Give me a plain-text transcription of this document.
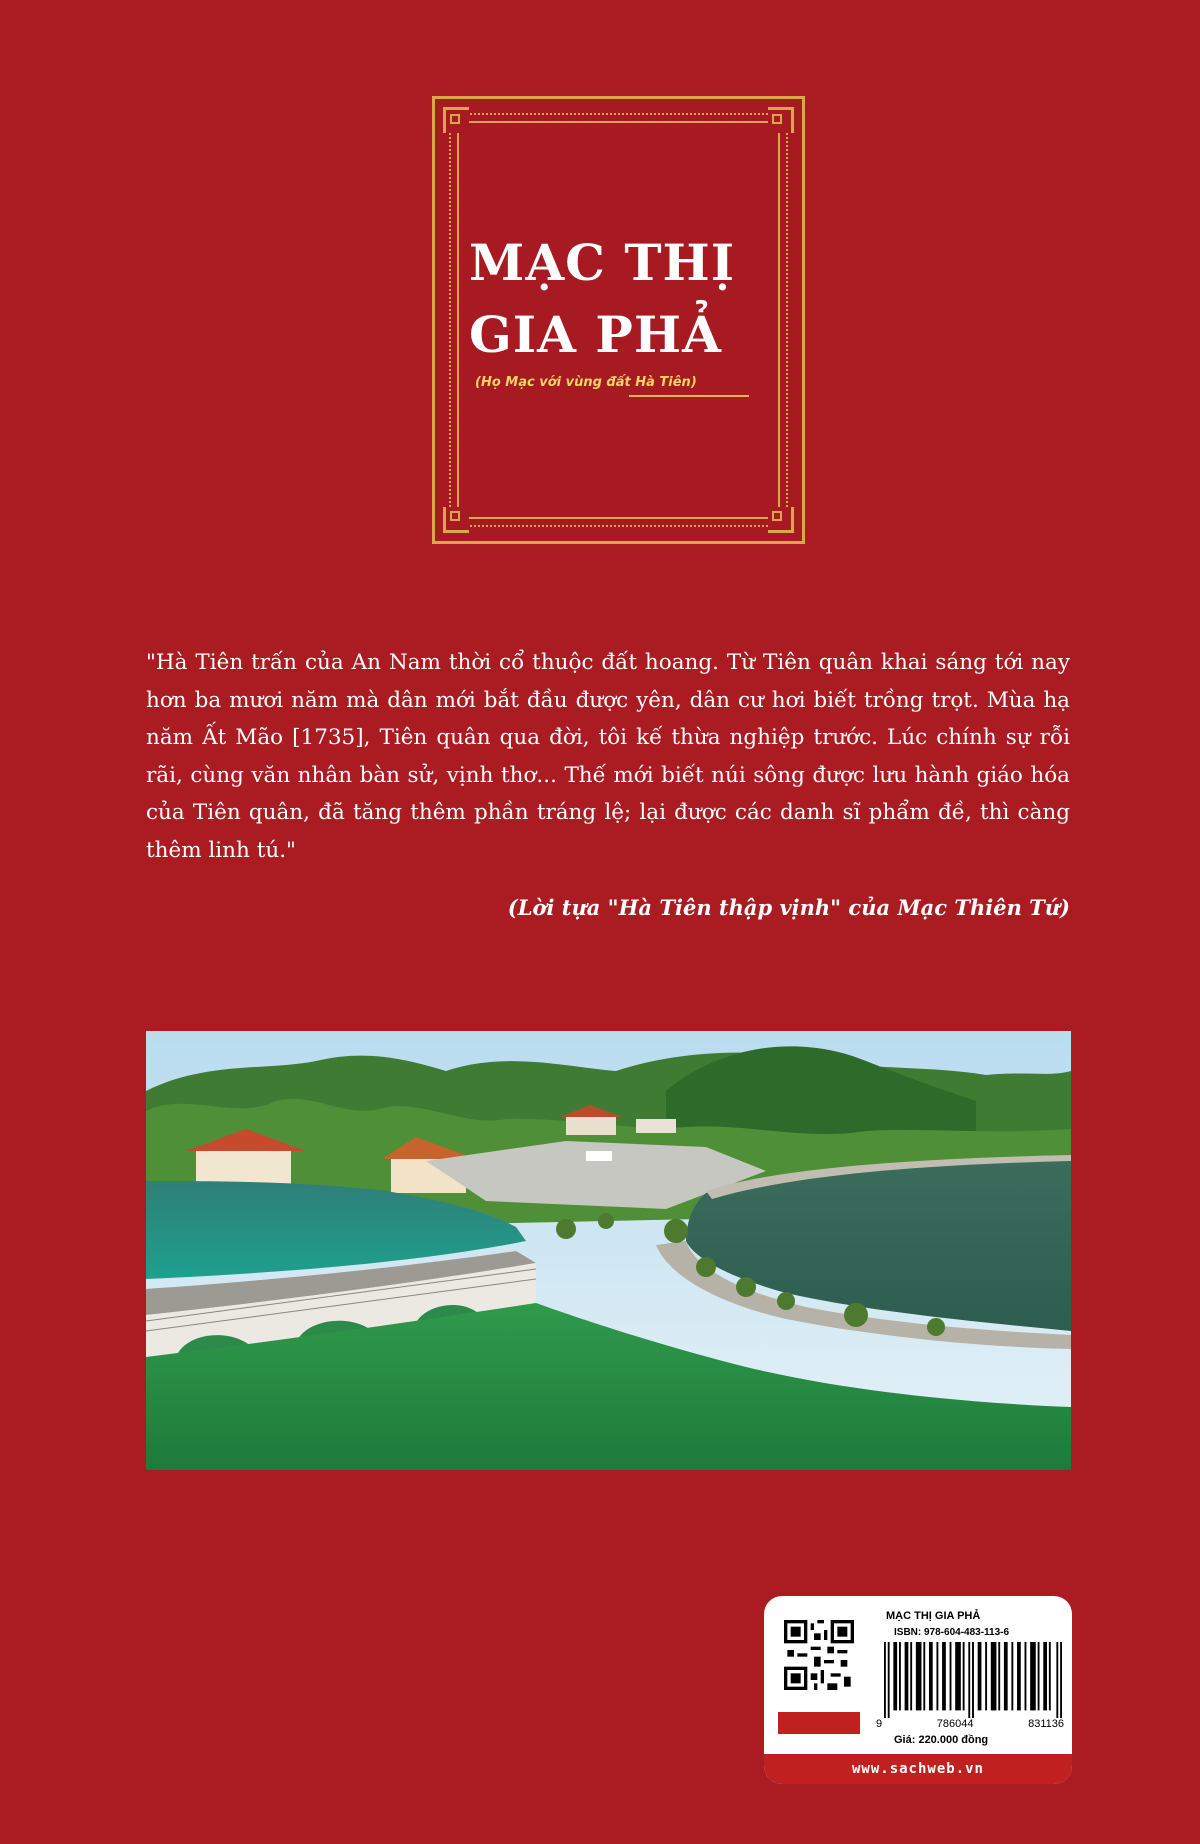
MẠC THỊ
GIA PHẢ
(Họ Mạc với vùng đất Hà Tiên)
"Hà Tiên trấn của An Nam thời cổ thuộc đất hoang. Từ Tiên quân khai sáng tới nay hơn ba mươi năm mà dân mới bắt đầu được yên, dân cư hơi biết trồng trọt. Mùa hạ năm Ất Mão [1735], Tiên quân qua đời, tôi kế thừa nghiệp trước. Lúc chính sự rỗi rãi, cùng văn nhân bàn sử, vịnh thơ... Thế mới biết núi sông được lưu hành giáo hóa của Tiên quân, đã tăng thêm phần tráng lệ; lại được các danh sĩ phẩm đề, thì càng thêm linh tú."
(Lời tựa "Hà Tiên thập vịnh" của Mạc Thiên Tứ)
MẠC THỊ GIA PHẢ
ISBN: 978-604-483-113-6
9	786044	831136
Giá: 220.000 đồng
www.sachweb.vn
